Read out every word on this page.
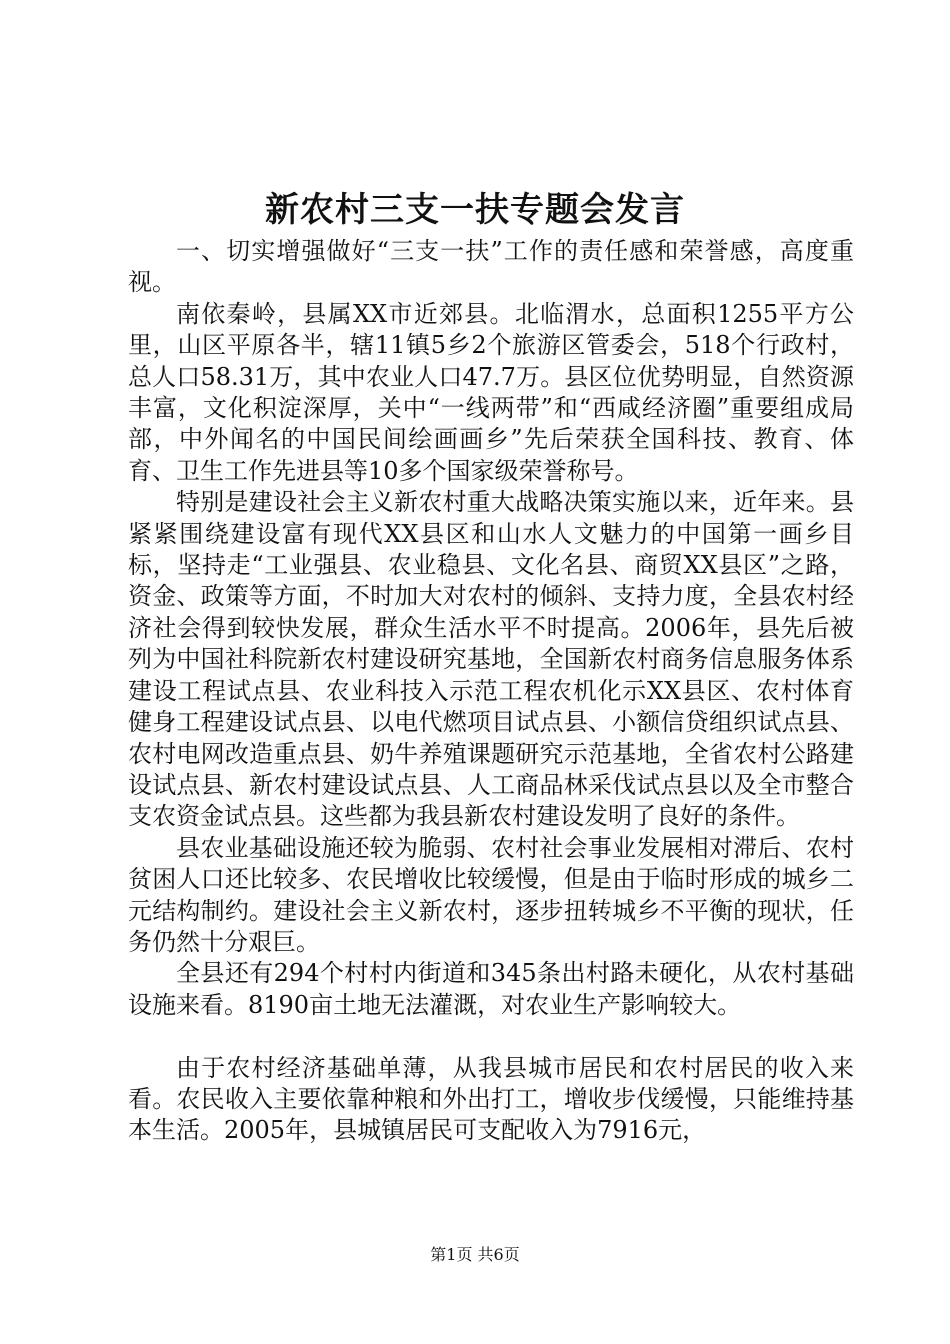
新农村三支一扶专题会发言

一、切实增强做好“三支一扶”工作的责任感和荣誉感，高度重视。

南依秦岭，县属XX市近郊县。北临渭水，总面积1255平方公里，山区平原各半，辖11镇5乡2个旅游区管委会，518个行政村，总人口58.31万，其中农业人口47.7万。县区位优势明显，自然资源丰富，文化积淀深厚，关中“一线两带”和“西咸经济圈”重要组成局部，中外闻名的中国民间绘画画乡”先后荣获全国科技、教育、体育、卫生工作先进县等10多个国家级荣誉称号。

特别是建设社会主义新农村重大战略决策实施以来，近年来。县紧紧围绕建设富有现代XX县区和山水人文魅力的中国第一画乡目标，坚持走“工业强县、农业稳县、文化名县、商贸XX县区”之路，资金、政策等方面，不时加大对农村的倾斜、支持力度，全县农村经济社会得到较快发展，群众生活水平不时提高。2006年，县先后被列为中国社科院新农村建设研究基地，全国新农村商务信息服务体系建设工程试点县、农业科技入示范工程农机化示XX县区、农村体育健身工程建设试点县、以电代燃项目试点县、小额信贷组织试点县、农村电网改造重点县、奶牛养殖课题研究示范基地，全省农村公路建设试点县、新农村建设试点县、人工商品林采伐试点县以及全市整合支农资金试点县。这些都为我县新农村建设发明了良好的条件。

县农业基础设施还较为脆弱、农村社会事业发展相对滞后、农村贫困人口还比较多、农民增收比较缓慢，但是由于临时形成的城乡二元结构制约。建设社会主义新农村，逐步扭转城乡不平衡的现状，任务仍然十分艰巨。

全县还有294个村村内街道和345条出村路未硬化，从农村基础设施来看。8190亩土地无法灌溉，对农业生产影响较大。

由于农村经济基础单薄，从我县城市居民和农村居民的收入来看。农民收入主要依靠种粮和外出打工，增收步伐缓慢，只能维持基本生活。2005年，县城镇居民可支配收入为7916元，

第1页 共6页
